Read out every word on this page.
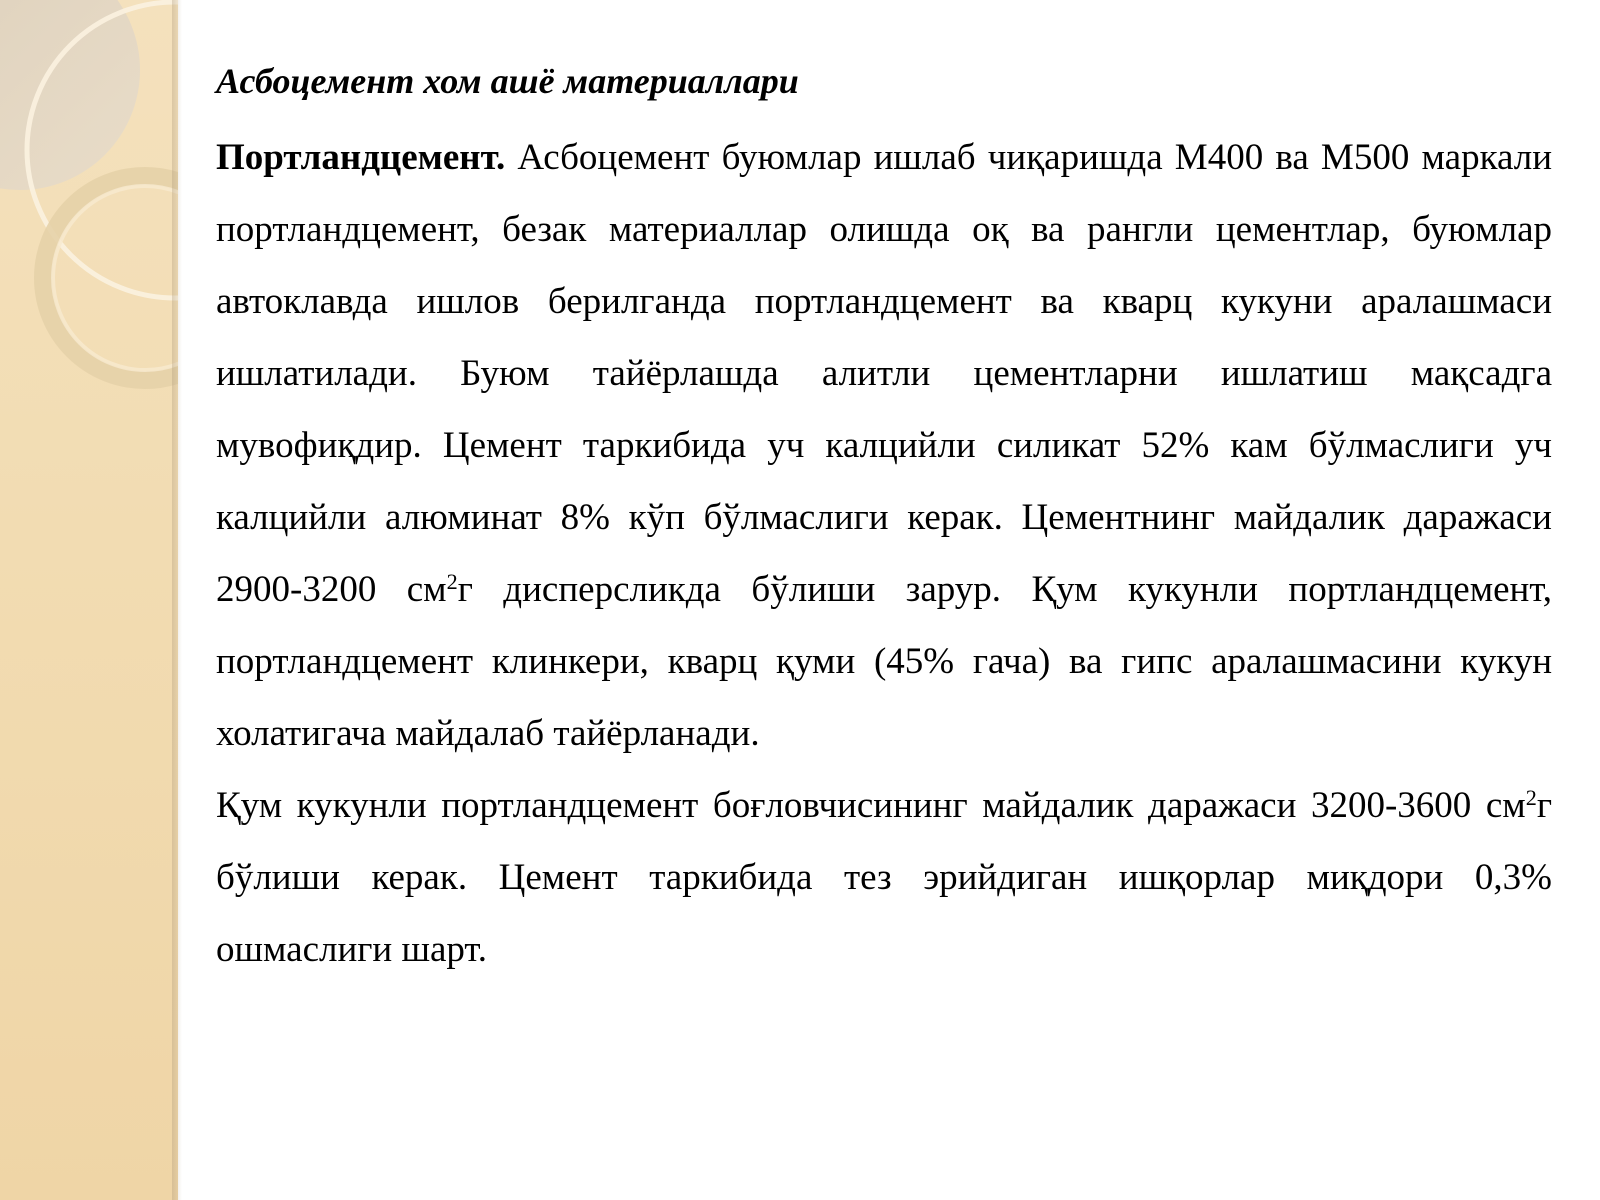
Асбоцемент хом ашё материаллари

Портландцемент. Асбоцемент буюмлар ишлаб чиқаришда М400 ва М500 маркали портландцемент, безак материаллар олишда оқ ва рангли цементлар, буюмлар автоклавда ишлов берилганда портландцемент ва кварц кукуни аралашмаси ишлатилади. Буюм тайёрлашда алитли цементларни ишлатиш мақсадга мувофиқдир. Цемент таркибида уч калцийли силикат 52% кам бўлмаслиги уч калцийли алюминат 8% кўп бўлмаслиги керак. Цементнинг майдалик даражаси 2900-3200 $см^2г$ дисперсликда бўлиши зарур. Қум кукунли портландцемент, портландцемент клинкери, кварц қуми (45% гача) ва гипс аралашмасини кукун холатигача майдалаб тайёрланади.

Қум кукунли портландцемент боғловчисининг майдалик даражаси 3200-3600 $см^2г$ бўлиши керак. Цемент таркибида тез эрийдиган ишқорлар миқдори 0,3% ошмаслиги шарт.
